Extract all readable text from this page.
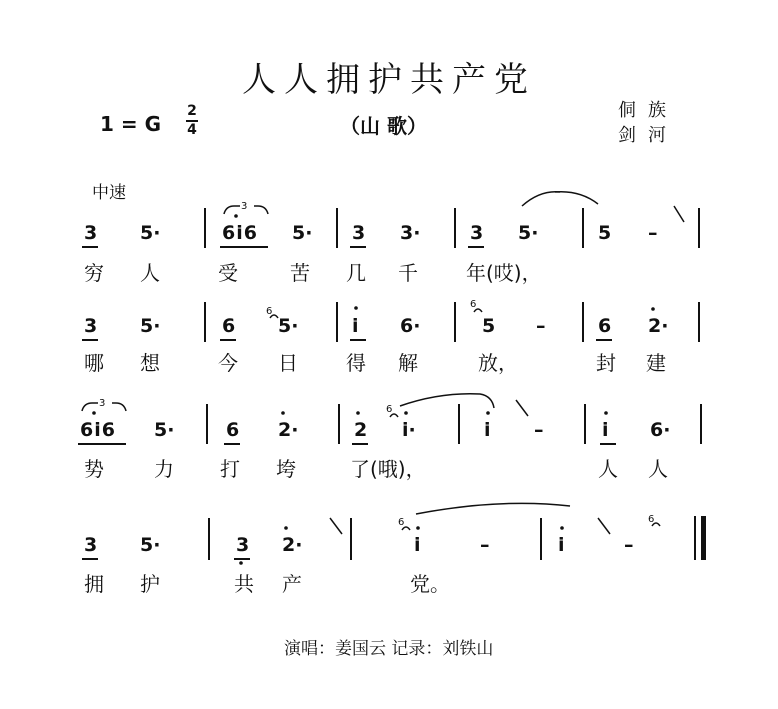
人人拥护共产党
1 = G
2
4	（山 歌）
侗族
剑河
中速
3 5·	6i6 5· 3 3·	3 5·	5 –
穷 人	受	苦 几 千 年(哎)，
3 5·	6 5·	i 6·	5 –	6 2·
哪 想	今 日 得 解	放，	封 建
6i6 5·	6 2·	2 i·	i –	i 6·
势	力 打 垮	了(哦)，	人 人
3 5·	3 2·	i	–	i	–
拥 护	共 产	党。
演唱：姜国云 记录：刘铁山
6
6
6
6	6
3
3
